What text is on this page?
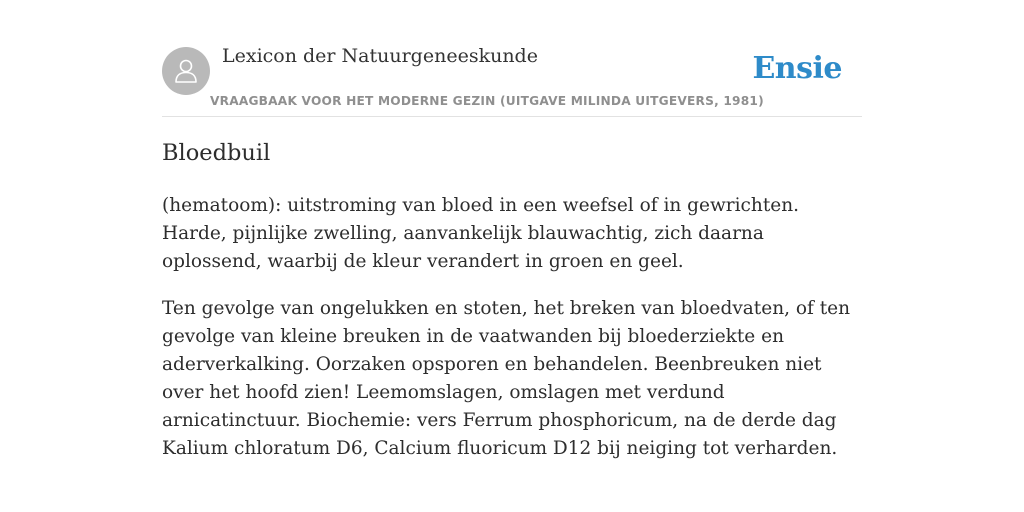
Lexicon der Natuurgeneeskunde
VRAAGBAAK VOOR HET MODERNE GEZIN (UITGAVE MILINDA UITGEVERS, 1981)
Ensie
Bloedbuil

(hematoom): uitstroming van bloed in een weefsel of in gewrichten. Harde, pijnlijke zwelling, aanvankelijk blauwachtig, zich daarna oplossend, waarbij de kleur verandert in groen en geel.

Ten gevolge van ongelukken en stoten, het breken van bloedvaten, of ten gevolge van kleine breuken in de vaatwanden bij bloederziekte en aderverkalking. Oorzaken opsporen en behandelen. Beenbreuken niet over het hoofd zien! Leemomslagen, omslagen met verdund arnicatinctuur. Biochemie: vers Ferrum phosphoricum, na de derde dag Kalium chloratum D6, Calcium fluoricum D12 bij neiging tot verharden.
